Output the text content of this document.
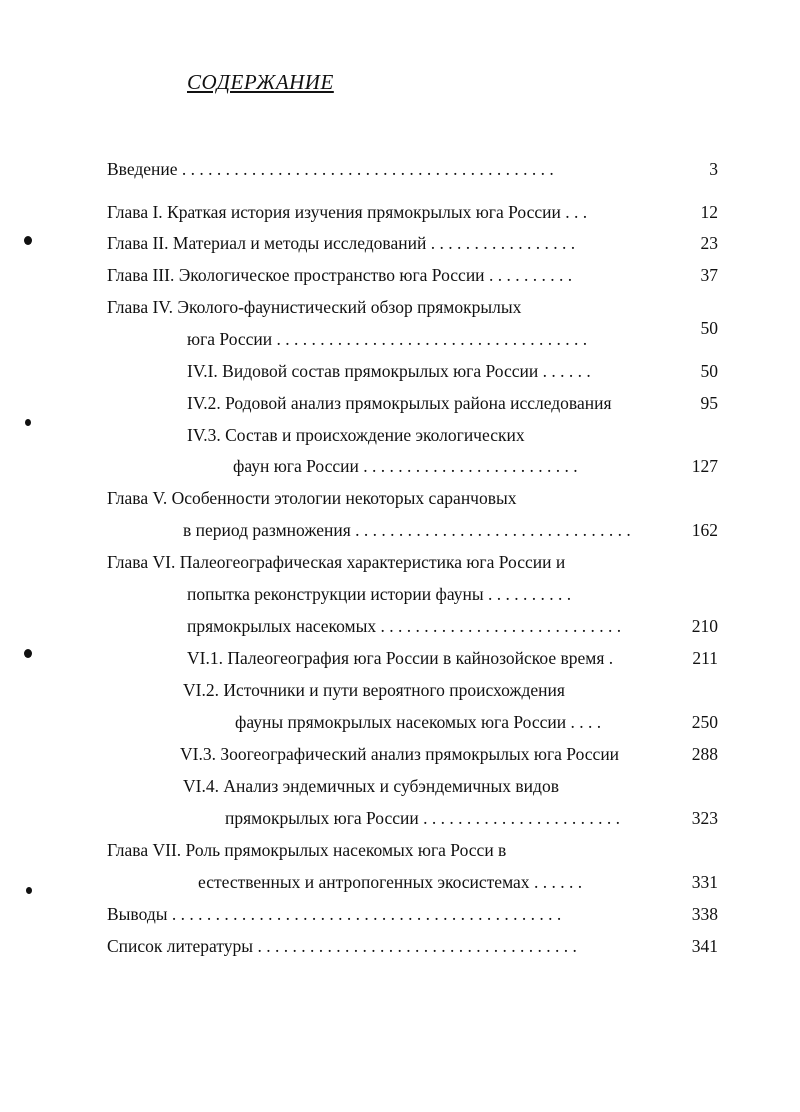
СОДЕРЖАНИЕ
Введение . . . . . . . . . . . . . . . . . . . . . . . . . . . . . . . . . . . . . . . . . . .
Глава I. Краткая история изучения прямокрылых юга России . . .
Глава II. Материал и методы исследований . . . . . . . . . . . . . . . . .
Глава III. Экологическое пространство юга России . . . . . . . . . .
Глава IV. Эколого-фаунистический обзор прямокрылых
юга России . . . . . . . . . . . . . . . . . . . . . . . . . . . . . . . . . . . .
IV.I. Видовой состав прямокрылых юга России . . . . . .
IV.2. Родовой анализ прямокрылых района исследования
IV.3. Состав и происхождение экологических
фаун юга России . . . . . . . . . . . . . . . . . . . . . . . . .
Глава V. Особенности этологии некоторых саранчовых
в период размножения . . . . . . . . . . . . . . . . . . . . . . . . . . . . . . . .
Глава VI. Палеогеографическая характеристика юга России и
попытка реконструкции истории фауны . . . . . . . . . .
прямокрылых насекомых . . . . . . . . . . . . . . . . . . . . . . . . . . . .
VI.1. Палеогеография юга России в кайнозойское время .
VI.2. Источники и пути вероятного происхождения
фауны прямокрылых насекомых юга России . . . .
VI.3. Зоогеографический анализ прямокрылых юга России
VI.4. Анализ эндемичных и субэндемичных видов
прямокрылых юга России . . . . . . . . . . . . . . . . . . . . . . .
Глава VII. Роль прямокрылых насекомых юга Росси в
естественных и антропогенных экосистемах . . . . . .
Выводы . . . . . . . . . . . . . . . . . . . . . . . . . . . . . . . . . . . . . . . . . . . . .
Список литературы . . . . . . . . . . . . . . . . . . . . . . . . . . . . . . . . . . . . .
3
12
23
37
50
50
95
127
162
210
211
250
288
323
331
338
341
